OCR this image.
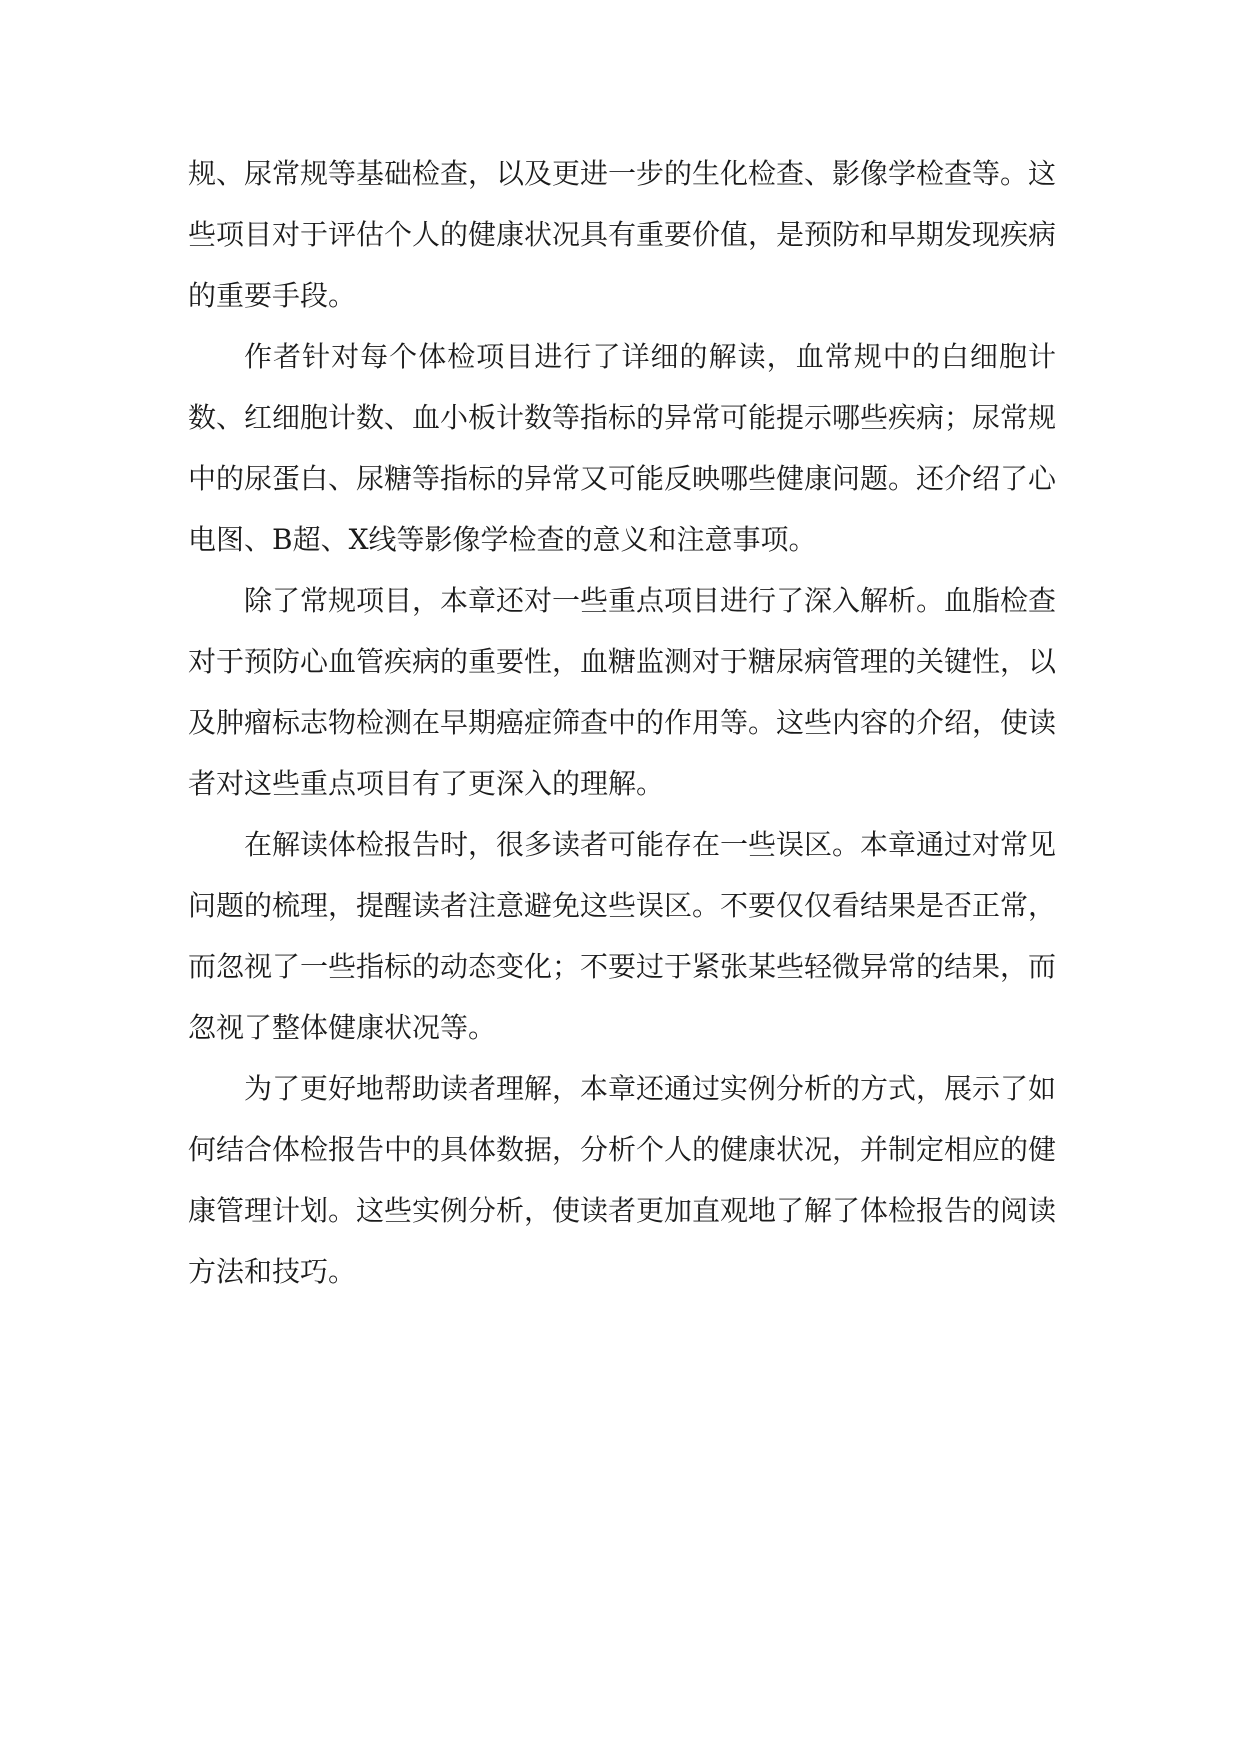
规、尿常规等基础检查，以及更进一步的生化检查、影像学检查等。这些项目对于评估个人的健康状况具有重要价值，是预防和早期发现疾病的重要手段。

作者针对每个体检项目进行了详细的解读，血常规中的白细胞计数、红细胞计数、血小板计数等指标的异常可能提示哪些疾病；尿常规中的尿蛋白、尿糖等指标的异常又可能反映哪些健康问题。还介绍了心电图、B超、X线等影像学检查的意义和注意事项。

除了常规项目，本章还对一些重点项目进行了深入解析。血脂检查对于预防心血管疾病的重要性，血糖监测对于糖尿病管理的关键性，以及肿瘤标志物检测在早期癌症筛查中的作用等。这些内容的介绍，使读者对这些重点项目有了更深入的理解。

在解读体检报告时，很多读者可能存在一些误区。本章通过对常见问题的梳理，提醒读者注意避免这些误区。不要仅仅看结果是否正常，而忽视了一些指标的动态变化；不要过于紧张某些轻微异常的结果，而忽视了整体健康状况等。

为了更好地帮助读者理解，本章还通过实例分析的方式，展示了如何结合体检报告中的具体数据，分析个人的健康状况，并制定相应的健康管理计划。这些实例分析，使读者更加直观地了解了体检报告的阅读方法和技巧。
